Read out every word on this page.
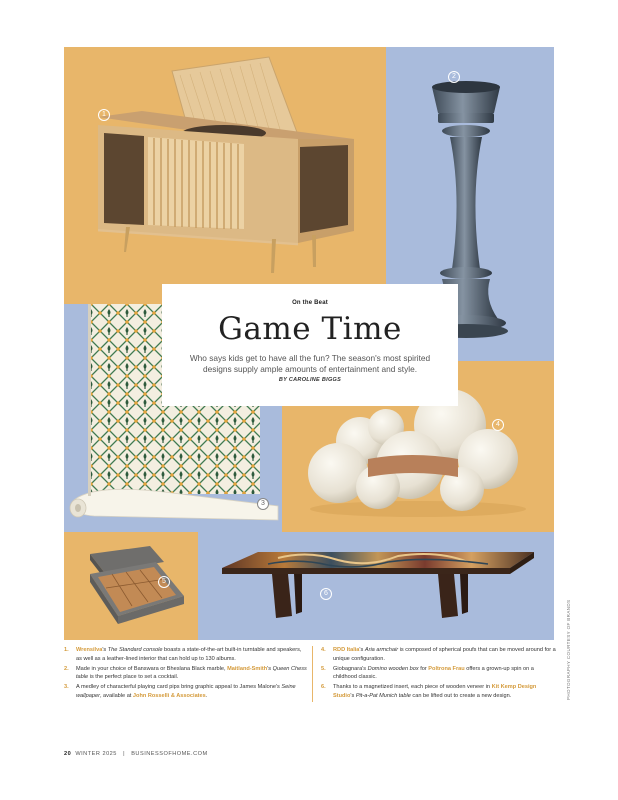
1
2
3
4
5
6
On the Beat
Game Time
Who says kids get to have all the fun? The season's most spirited designs supply ample amounts of entertainment and style.
BY CAROLINE BIGGS
1.	Wrensilva's The Standard console boasts a state-of-the-art built-in turntable and speakers, as well as a leather-lined interior that can hold up to 130 albums.
2.	Made in your choice of Banswara or Bheslana Black marble, Maitland-Smith's Queen Chess table is the perfect place to set a cocktail.
3.	A medley of characterful playing card pips bring graphic appeal to James Malone's Seine wallpaper, available at John Rosselli & Associates.
4.	RDD Italia's Aria armchair is composed of spherical poufs that can be moved around for a unique configuration.
5.	Giobagnara's Domino wooden box for Poltrona Frau offers a grown-up spin on a childhood classic.
6.	Thanks to a magnetized insert, each piece of wooden veneer in Kit Kemp Design Studio's Pit-a-Pat Munich table can be lifted out to create a new design.
20 WINTER 2025 | BUSINESSOFHOME.COM
PHOTOGRAPHY COURTESY OF BRANDS
